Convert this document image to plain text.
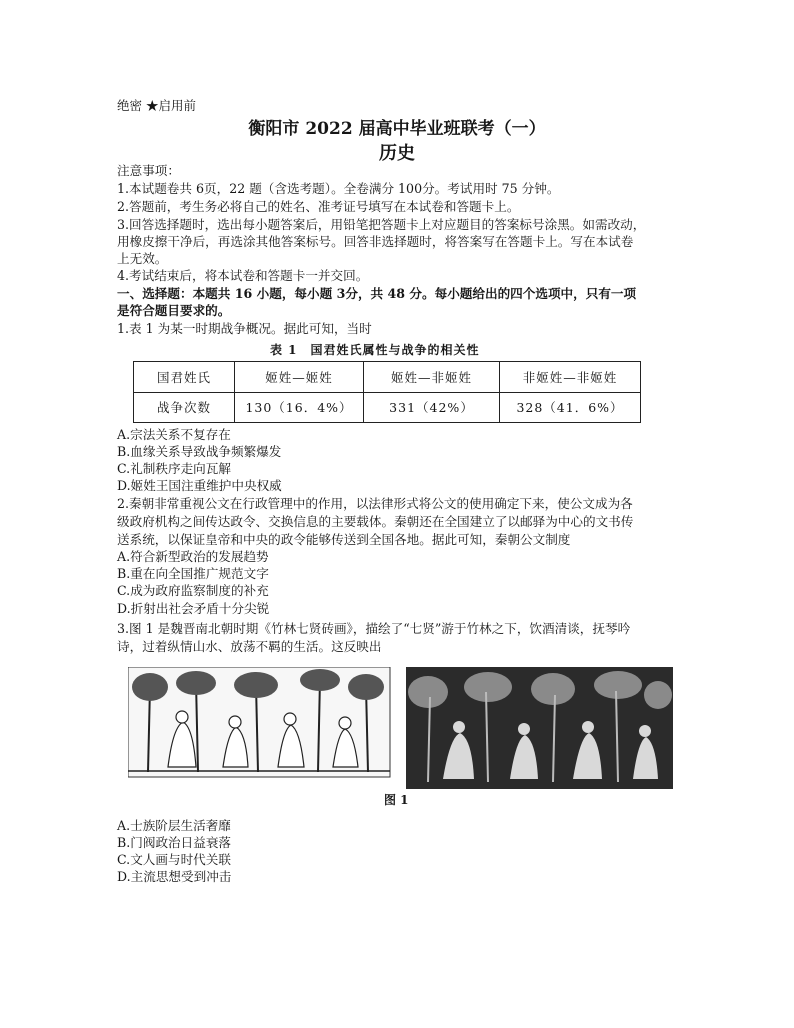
绝密 ★启用前
衡阳市 2022 届高中毕业班联考（一）
历史
注意事项：
1.本试题卷共 6页，22 题（含选考题）。全卷满分 100分。考试用时 75 分钟。
2.答题前，考生务必将自己的姓名、准考证号填写在本试卷和答题卡上。
3.回答选择题时，选出每小题答案后，用铅笔把答题卡上对应题目的答案标号涂黑。如需改动，
用橡皮擦干净后，再选涂其他答案标号。回答非选择题时，将答案写在答题卡上。写在本试卷
上无效。
4.考试结束后，将本试卷和答题卡一并交回。
一、选择题：本题共 16 小题，每小题 3分，共 48 分。每小题给出的四个选项中，只有一项
是符合题目要求的。
1.表 1 为某一时期战争概况。据此可知，当时
表 1　国君姓氏属性与战争的相关性
国君姓氏	姬姓—姬姓	姬姓—非姬姓	非姬姓—非姬姓
战争次数	130（16．4%）	331（42%）	328（41．6%）
A.宗法关系不复存在
B.血缘关系导致战争频繁爆发
C.礼制秩序走向瓦解
D.姬姓王国注重维护中央权威
2.秦朝非常重视公文在行政管理中的作用，以法律形式将公文的使用确定下来，使公文成为各
级政府机构之间传达政令、交换信息的主要载体。秦朝还在全国建立了以邮驿为中心的文书传
送系统，以保证皇帝和中央的政令能够传送到全国各地。据此可知，秦朝公文制度
A.符合新型政治的发展趋势
B.重在向全国推广规范文字
C.成为政府监察制度的补充
D.折射出社会矛盾十分尖锐
3.图 1 是魏晋南北朝时期《竹林七贤砖画》，描绘了“七贤”游于竹林之下，饮酒清谈，抚琴吟
诗，过着纵情山水、放荡不羁的生活。这反映出
图 1
A.士族阶层生活奢靡
B.门阀政治日益衰落
C.文人画与时代关联
D.主流思想受到冲击
